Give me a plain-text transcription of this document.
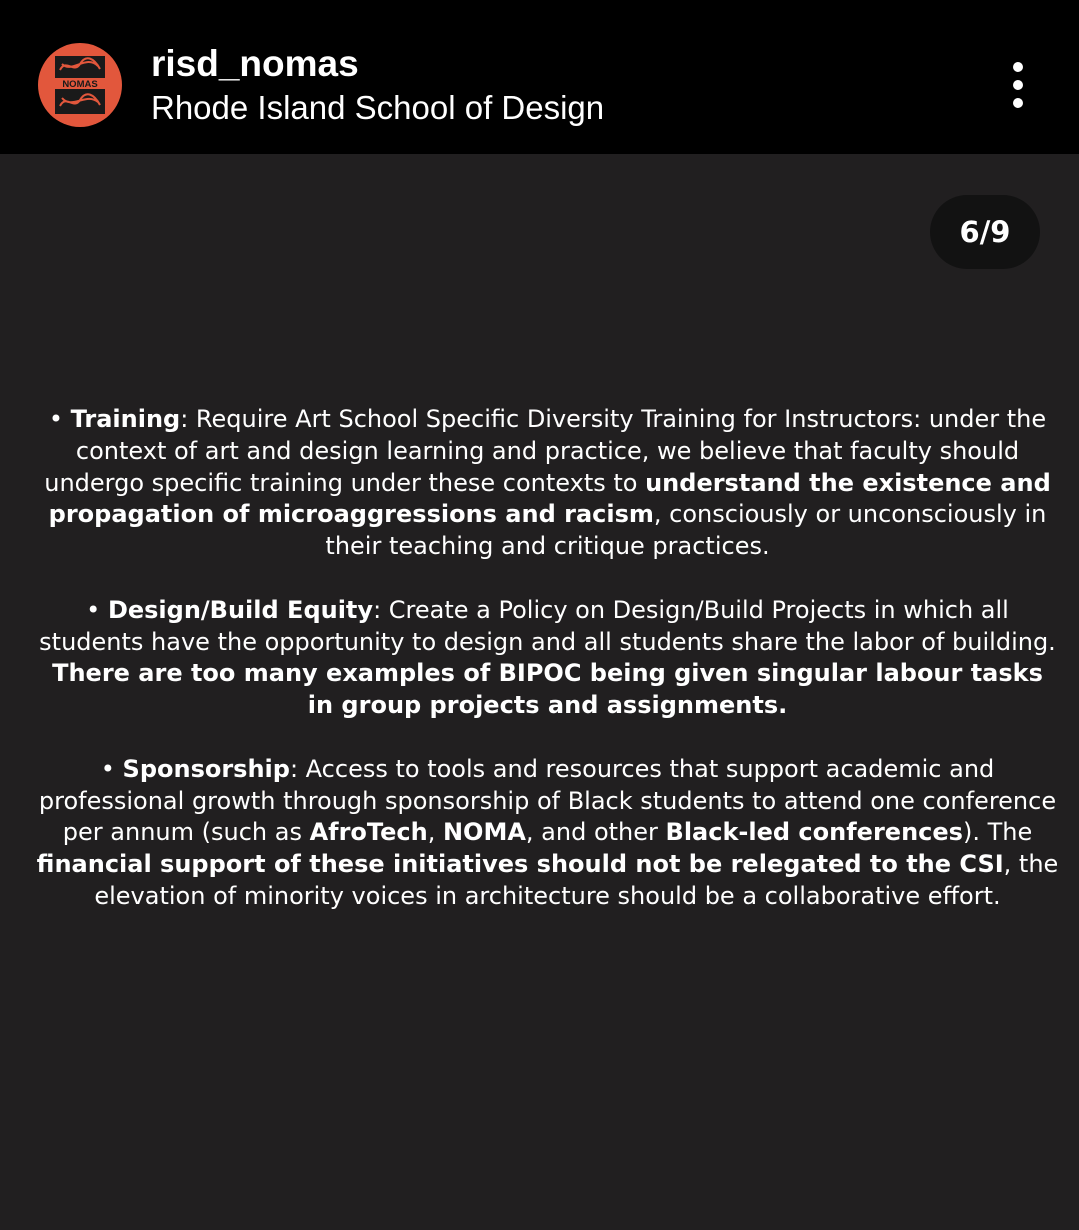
NOMAS
risd_nomas
Rhode Island School of Design
6/9

• Training: Require Art School Specific Diversity Training for Instructors: under the context of art and design learning and practice, we believe that faculty should undergo specific training under these contexts to understand the existence and propagation of microaggressions and racism, consciously or unconsciously in their teaching and critique practices.

• Design/Build Equity: Create a Policy on Design/Build Projects in which all students have the opportunity to design and all students share the labor of building. There are too many examples of BIPOC being given singular labour tasks in group projects and assignments.

• Sponsorship: Access to tools and resources that support academic and professional growth through sponsorship of Black students to attend one conference per annum (such as AfroTech, NOMA, and other Black-led conferences). The financial support of these initiatives should not be relegated to the CSI, the elevation of minority voices in architecture should be a collaborative effort.
